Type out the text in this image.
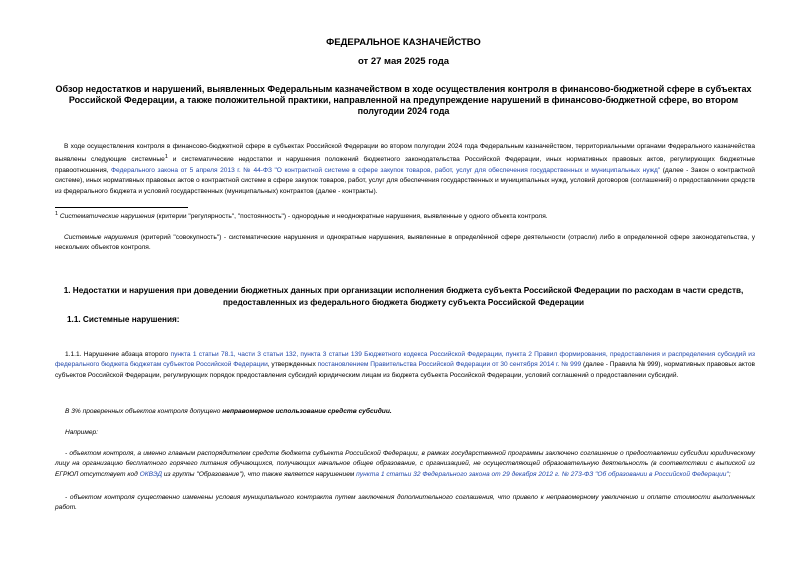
ФЕДЕРАЛЬНОЕ КАЗНАЧЕЙСТВО
от 27 мая 2025 года
Обзор недостатков и нарушений, выявленных Федеральным казначейством в ходе осуществления контроля в финансово-бюджетной сфере в субъектах Российской Федерации, а также положительной практики, направленной на предупреждение нарушений в финансово-бюджетной сфере, во втором полугодии 2024 года
В ходе осуществления контроля в финансово-бюджетной сфере в субъектах Российской Федерации во втором полугодии 2024 года Федеральным казначейством, территориальными органами Федерального казначейства выявлены следующие системные$^1$ и систематические недостатки и нарушения положений бюджетного законодательства Российской Федерации, иных нормативных правовых актов, регулирующих бюджетные правоотношения, Федерального закона от 5 апреля 2013 г. № 44-ФЗ "О контрактной системе в сфере закупок товаров, работ, услуг для обеспечения государственных и муниципальных нужд" (далее - Закон о контрактной системе), иных нормативных правовых актов о контрактной системе в сфере закупок товаров, работ, услуг для обеспечения государственных и муниципальных нужд, условий договоров (соглашений) о предоставлении средств из федерального бюджета и условий государственных (муниципальных) контрактов (далее - контракты).
$^1$ Систематические нарушения (критерии "регулярность", "постоянность") - однородные и неоднократные нарушения, выявленные у одного объекта контроля.
Системные нарушения (критерий "совокупность") - систематические нарушения и однократные нарушения, выявленные в определённой сфере деятельности (отрасли) либо в определенной сфере законодательства, у нескольких объектов контроля.
1. Недостатки и нарушения при доведении бюджетных данных при организации исполнения бюджета субъекта Российской Федерации по расходам в части средств, предоставленных из федерального бюджета бюджету субъекта Российской Федерации
1.1. Системные нарушения:
1.1.1. Нарушение абзаца второго пункта 1 статьи 78.1, части 3 статьи 132, пункта 3 статьи 139 Бюджетного кодекса Российской Федерации, пункта 2 Правил формирования, предоставления и распределения субсидий из федерального бюджета бюджетам субъектов Российской Федерации, утвержденных постановлением Правительства Российской Федерации от 30 сентября 2014 г. № 999 (далее - Правила № 999), нормативных правовых актов субъектов Российской Федерации, регулирующих порядок предоставления субсидий юридическим лицам из бюджета субъекта Российской Федерации, условий соглашений о предоставлении субсидий.
В 3% проверенных объектов контроля допущено неправомерное использование средств субсидии.
Например:
- объектом контроля, а именно главным распорядителем средств бюджета субъекта Российской Федерации, в рамках государственной программы заключено соглашение о предоставлении субсидии юридическому лицу на организацию бесплатного горячего питания обучающихся, получающих начальное общее образование, с организацией, не осуществляющей образовательную деятельность (в соответствии с выпиской из ЕГРЮЛ отсутствует код ОКВЭД из группы "Образование"), что также является нарушением пункта 1 статьи 32 Федерального закона от 29 декабря 2012 г. № 273-ФЗ "Об образовании в Российской Федерации";
- объектом контроля существенно изменены условия муниципального контракта путем заключения дополнительного соглашения, что привело к неправомерному увеличению и оплате стоимости выполненных работ.
